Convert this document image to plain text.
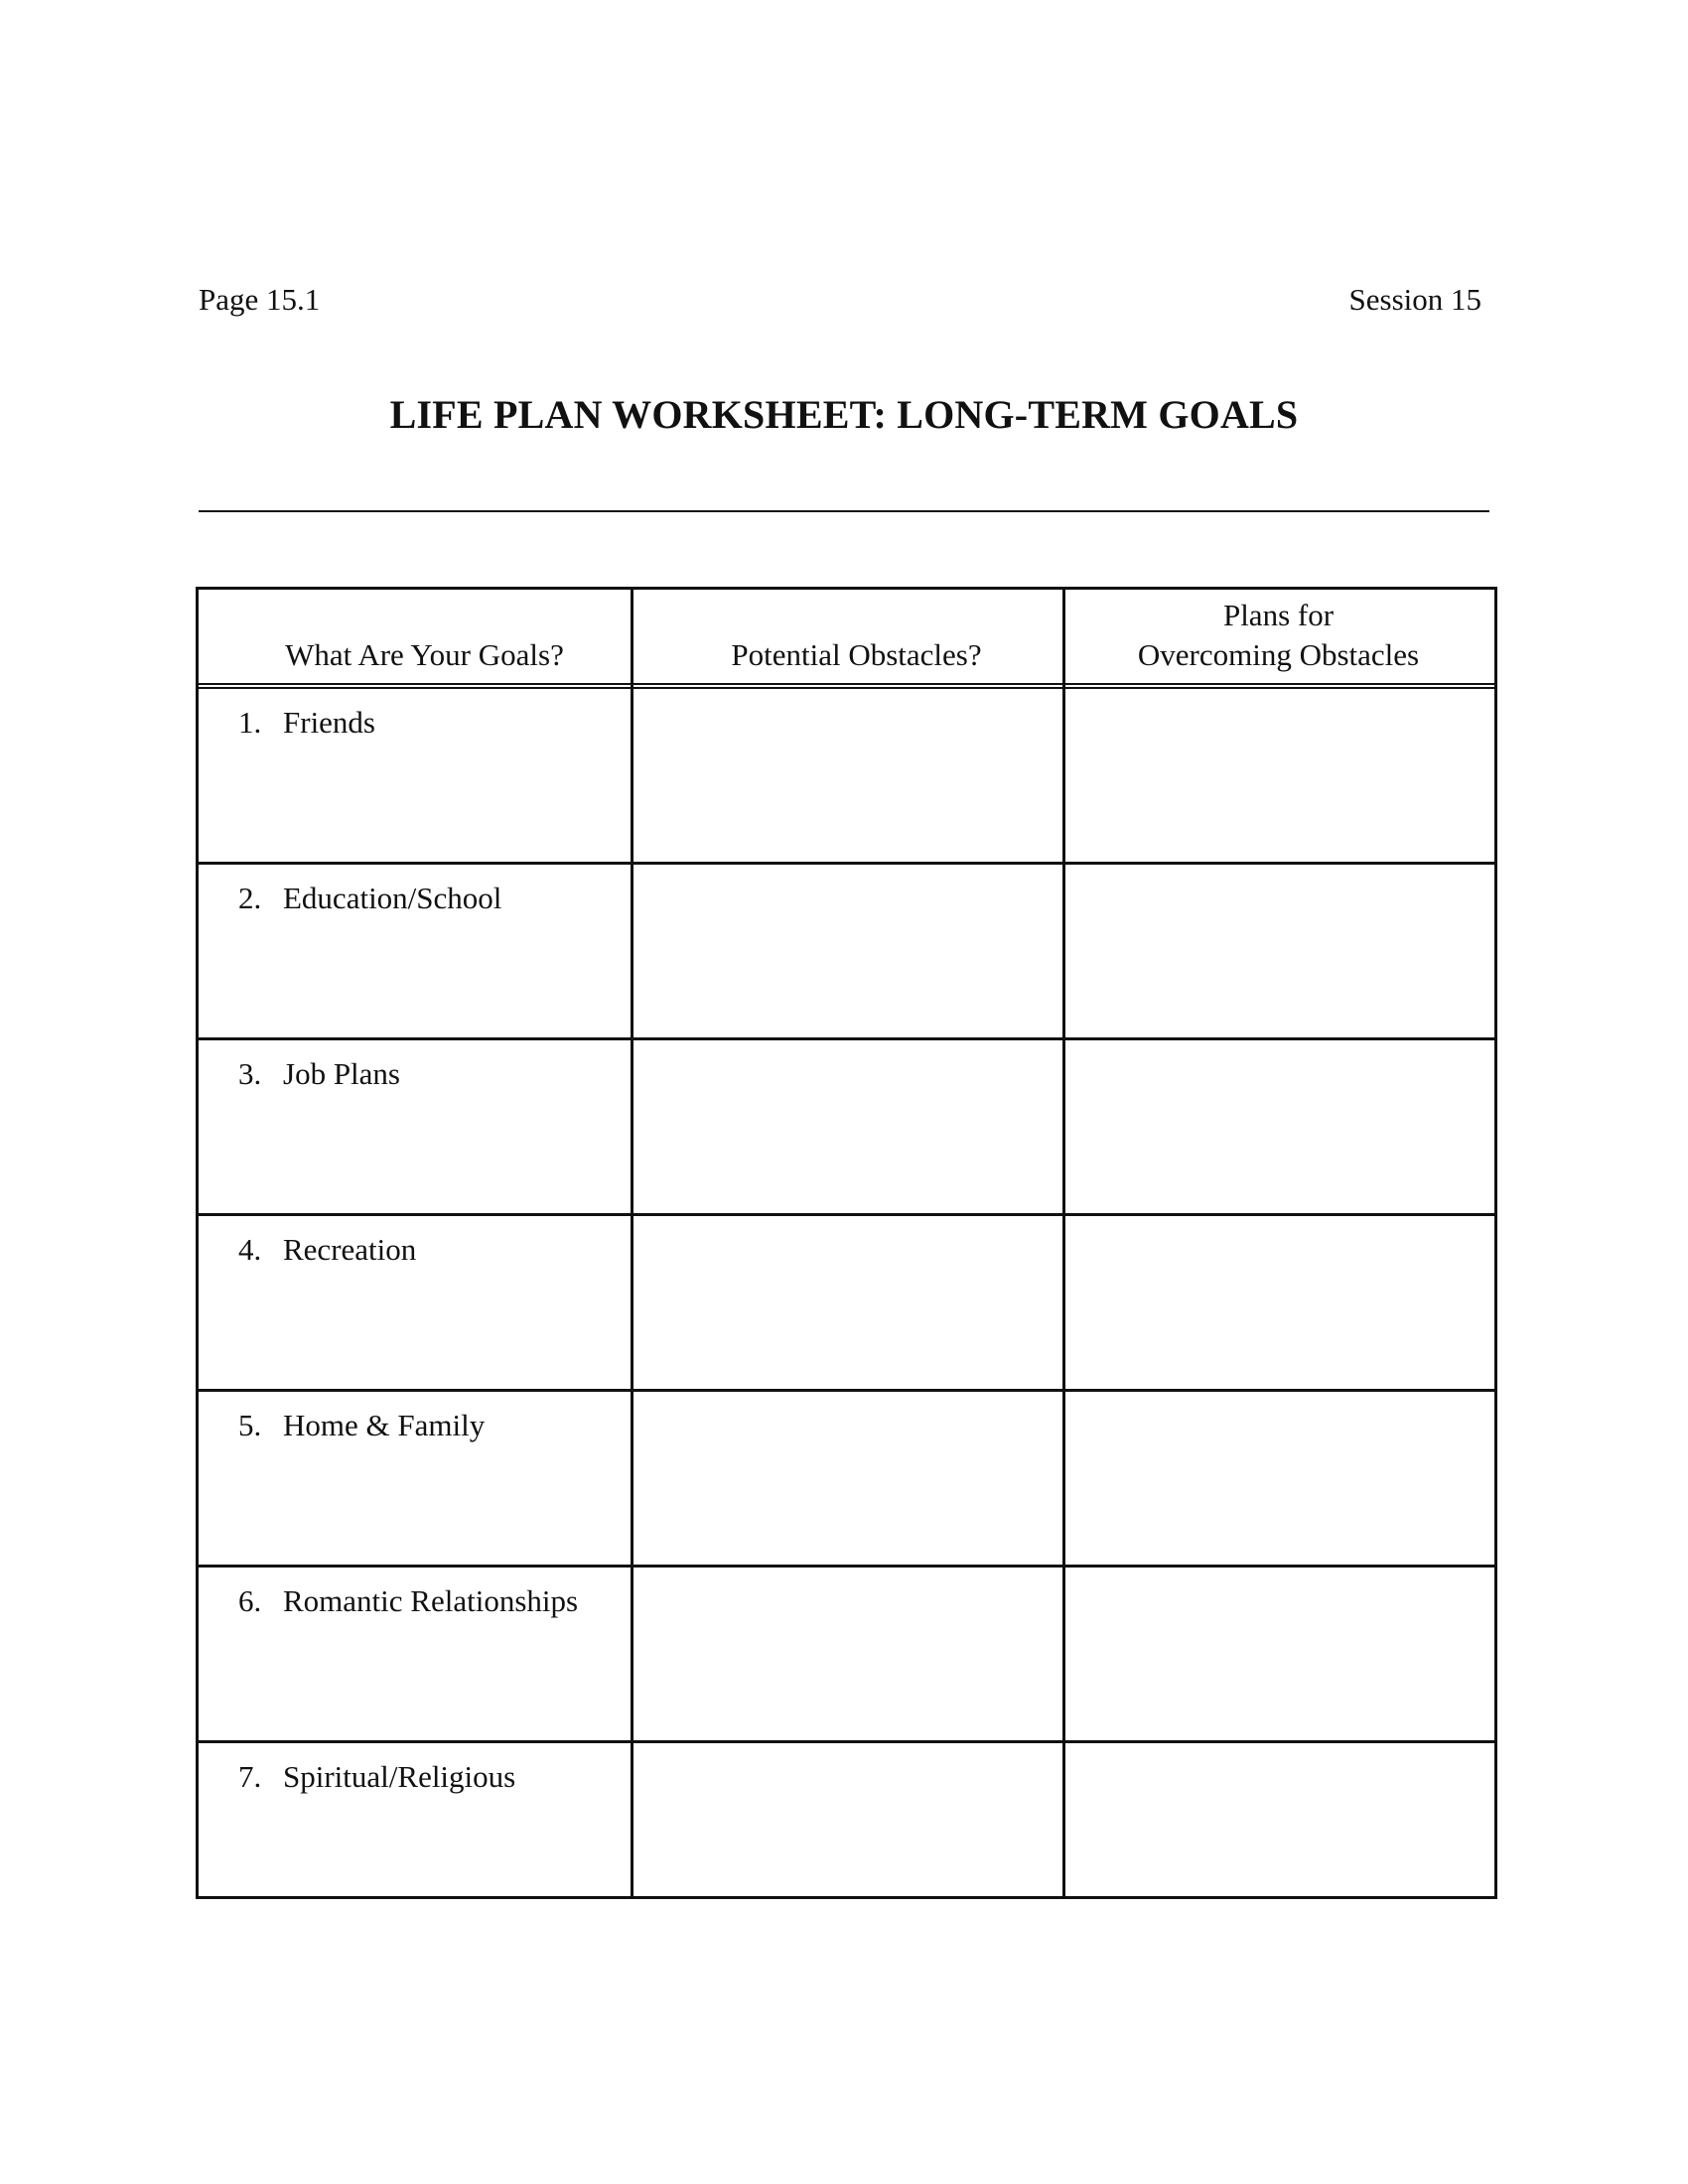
Page 15.1	Session 15
LIFE PLAN WORKSHEET: LONG-TERM GOALS
What Are Your Goals?	Potential Obstacles?
Plans for
Overcoming Obstacles
1. Friends
2. Education/School
3. Job Plans
4. Recreation
5. Home & Family
6. Romantic Relationships
7. Spiritual/Religious
